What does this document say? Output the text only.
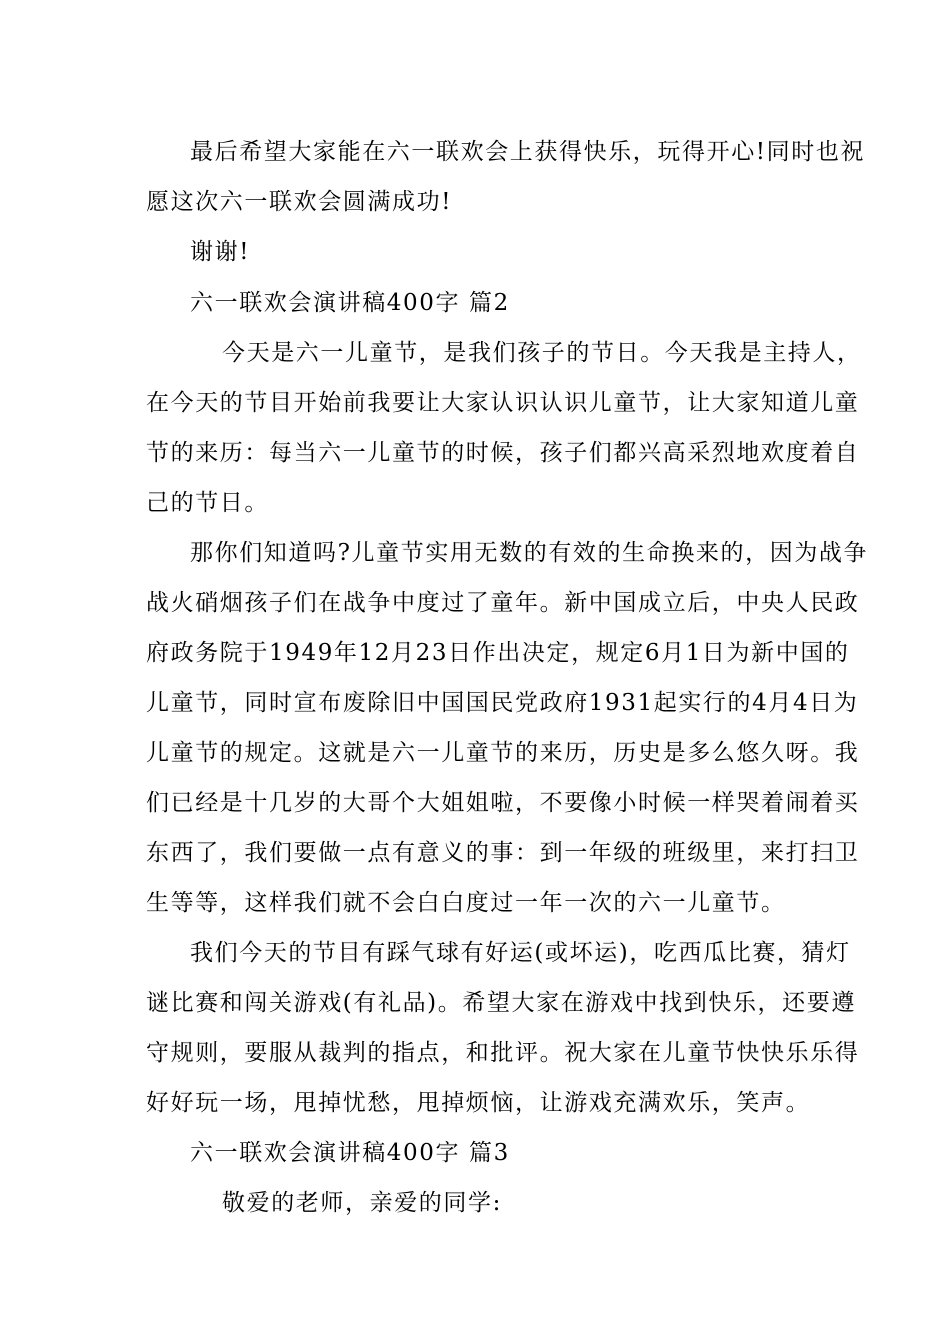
最后希望大家能在六一联欢会上获得快乐，玩得开心!同时也祝
愿这次六一联欢会圆满成功!
谢谢!
六一联欢会演讲稿400字 篇2
今天是六一儿童节，是我们孩子的节日。今天我是主持人，
在今天的节目开始前我要让大家认识认识儿童节，让大家知道儿童
节的来历：每当六一儿童节的时候，孩子们都兴高采烈地欢度着自
己的节日。
那你们知道吗?儿童节实用无数的有效的生命换来的，因为战争
战火硝烟孩子们在战争中度过了童年。新中国成立后，中央人民政
府政务院于1949年12月23日作出决定，规定6月1日为新中国的
儿童节，同时宣布废除旧中国国民党政府1931起实行的4月4日为
儿童节的规定。这就是六一儿童节的来历，历史是多么悠久呀。我
们已经是十几岁的大哥个大姐姐啦，不要像小时候一样哭着闹着买
东西了，我们要做一点有意义的事：到一年级的班级里，来打扫卫
生等等，这样我们就不会白白度过一年一次的六一儿童节。
我们今天的节目有踩气球有好运(或坏运)，吃西瓜比赛，猜灯
谜比赛和闯关游戏(有礼品)。希望大家在游戏中找到快乐，还要遵
守规则，要服从裁判的指点，和批评。祝大家在儿童节快快乐乐得
好好玩一场，甩掉忧愁，甩掉烦恼，让游戏充满欢乐，笑声。
六一联欢会演讲稿400字 篇3
敬爱的老师，亲爱的同学:
